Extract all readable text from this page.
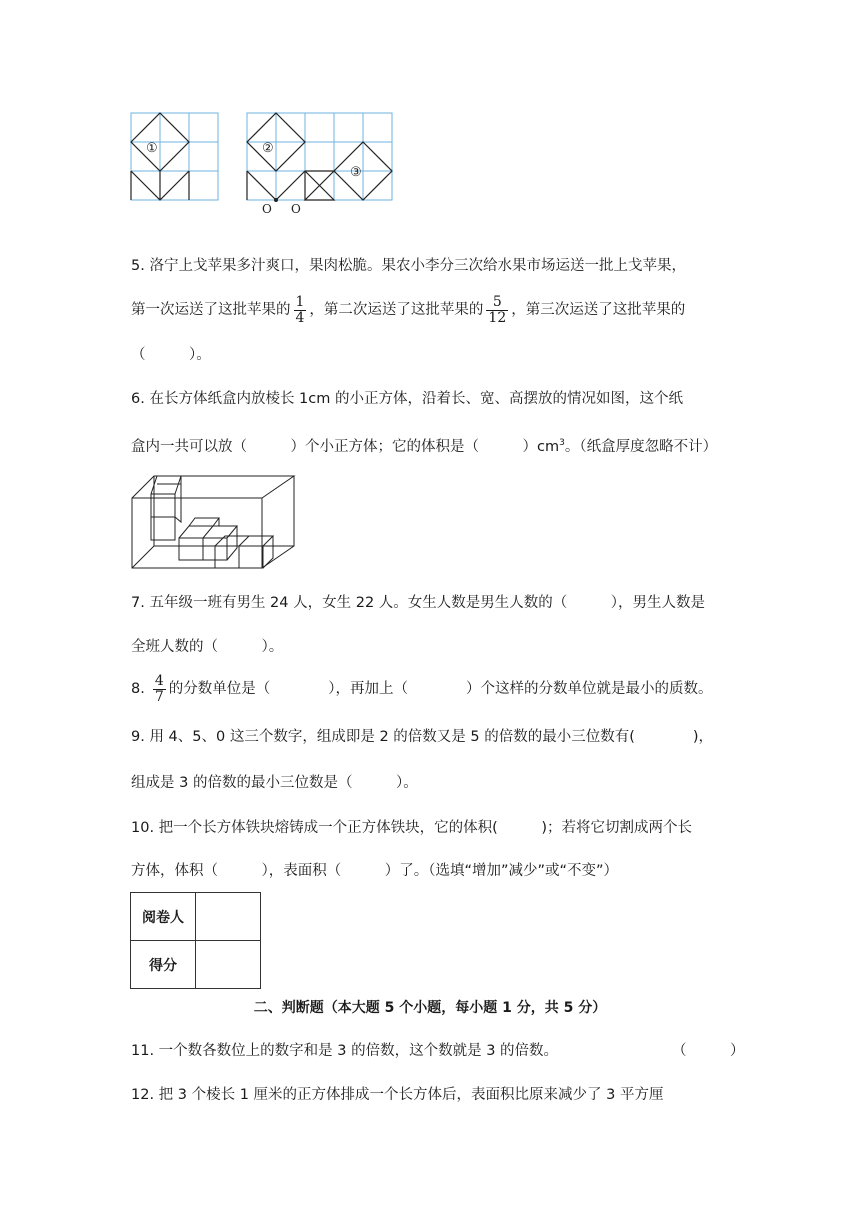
①	②
③
O O
5. 洛宁上戈苹果多汁爽口，果肉松脆。果农小李分三次给水果市场运送一批上戈苹果，
第一次运送了这批苹果的 $\frac{1}{4}$ ，第二次运送了这批苹果的 $\frac{5}{12}$ ，第三次运送了这批苹果的
（　　　）。
6. 在长方体纸盒内放棱长 1cm 的小正方体，沿着长、宽、高摆放的情况如图，这个纸
盒内一共可以放（　　　）个小正方体；它的体积是（　　　）$cm^3$。（纸盒厚度忽略不计）
7. 五年级一班有男生 24 人，女生 22 人。女生人数是男生人数的（　　　），男生人数是
全班人数的（　　　）。
8. $\frac{4}{7}$ 的分数单位是（　　　　），再加上（　　　　）个这样的分数单位就是最小的质数。
9. 用 4、5、0 这三个数字，组成即是 2 的倍数又是 5 的倍数的最小三位数有(　　　　)，
组成是 3 的倍数的最小三位数是（　　　）。
10. 把一个长方体铁块熔铸成一个正方体铁块，它的体积(　　　)；若将它切割成两个长
方体，体积（　　　），表面积（　　　）了。（选填“增加”减少”或“不变”）
阅卷人	
得分	
二、判断题（本大题 5 个小题，每小题 1 分，共 5 分）
11. 一个数各数位上的数字和是 3 的倍数，这个数就是 3 的倍数。	（　　　）
12. 把 3 个棱长 1 厘米的正方体排成一个长方体后，表面积比原来减少了 3 平方厘
